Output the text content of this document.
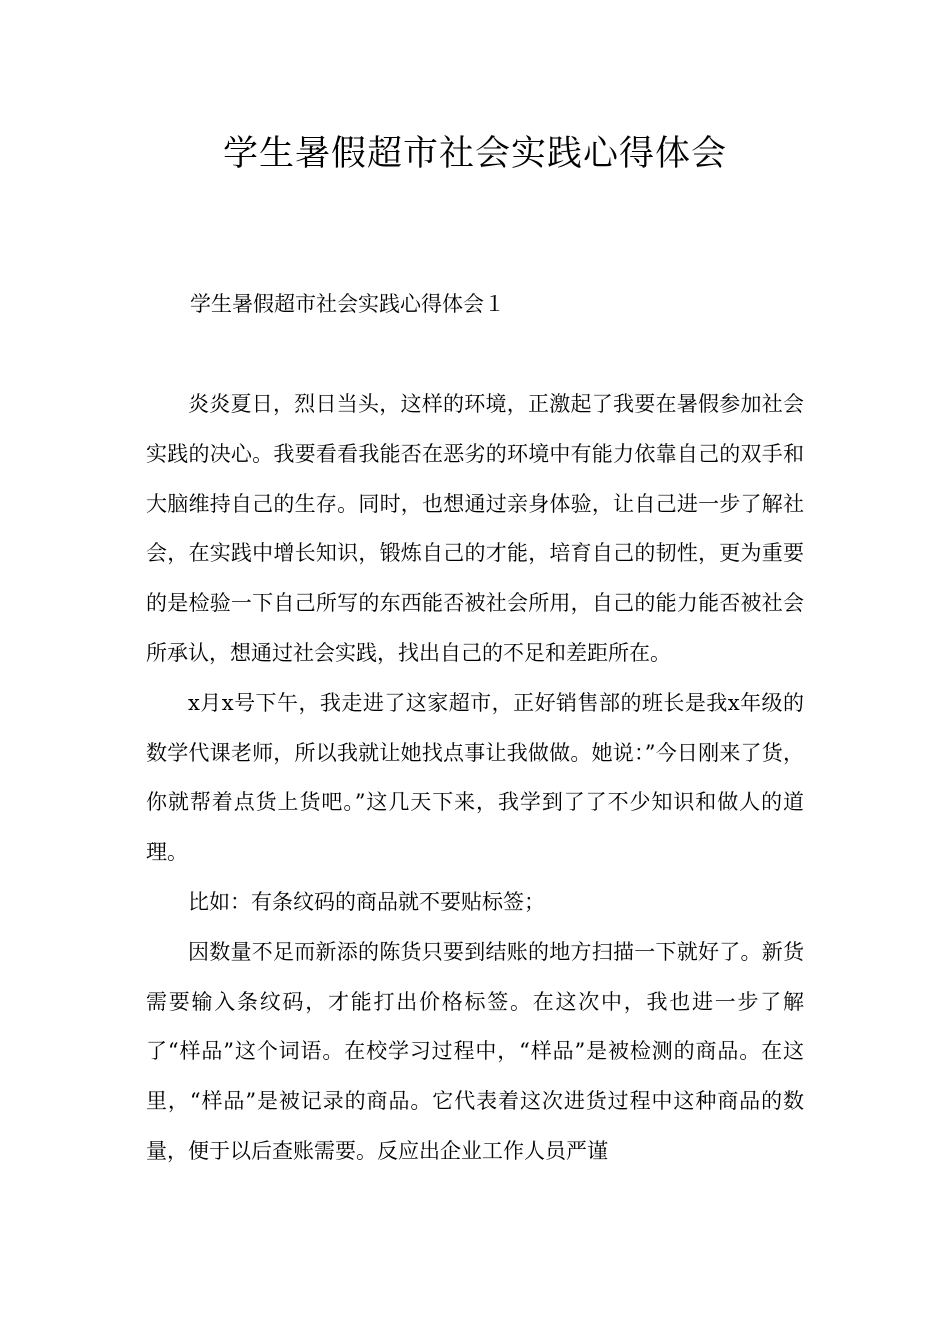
学生暑假超市社会实践心得体会

学生暑假超市社会实践心得体会１

炎炎夏日，烈日当头，这样的环境，正激起了我要在暑假参加社会实践的决心。我要看看我能否在恶劣的环境中有能力依靠自己的双手和大脑维持自己的生存。同时，也想通过亲身体验，让自己进一步了解社会，在实践中增长知识，锻炼自己的才能，培育自己的韧性，更为重要的是检验一下自己所写的东西能否被社会所用，自己的能力能否被社会所承认，想通过社会实践，找出自己的不足和差距所在。

x月x号下午，我走进了这家超市，正好销售部的班长是我x年级的数学代课老师，所以我就让她找点事让我做做。她说：”今日刚来了货，你就帮着点货上货吧。”这几天下来，我学到了了不少知识和做人的道理。

比如：有条纹码的商品就不要贴标签；

因数量不足而新添的陈货只要到结账的地方扫描一下就好了。新货需要输入条纹码，才能打出价格标签。在这次中，我也进一步了解了“样品”这个词语。在校学习过程中，“样品”是被检测的商品。在这里，“样品”是被记录的商品。它代表着这次进货过程中这种商品的数量，便于以后查账需要。反应出企业工作人员严谨
